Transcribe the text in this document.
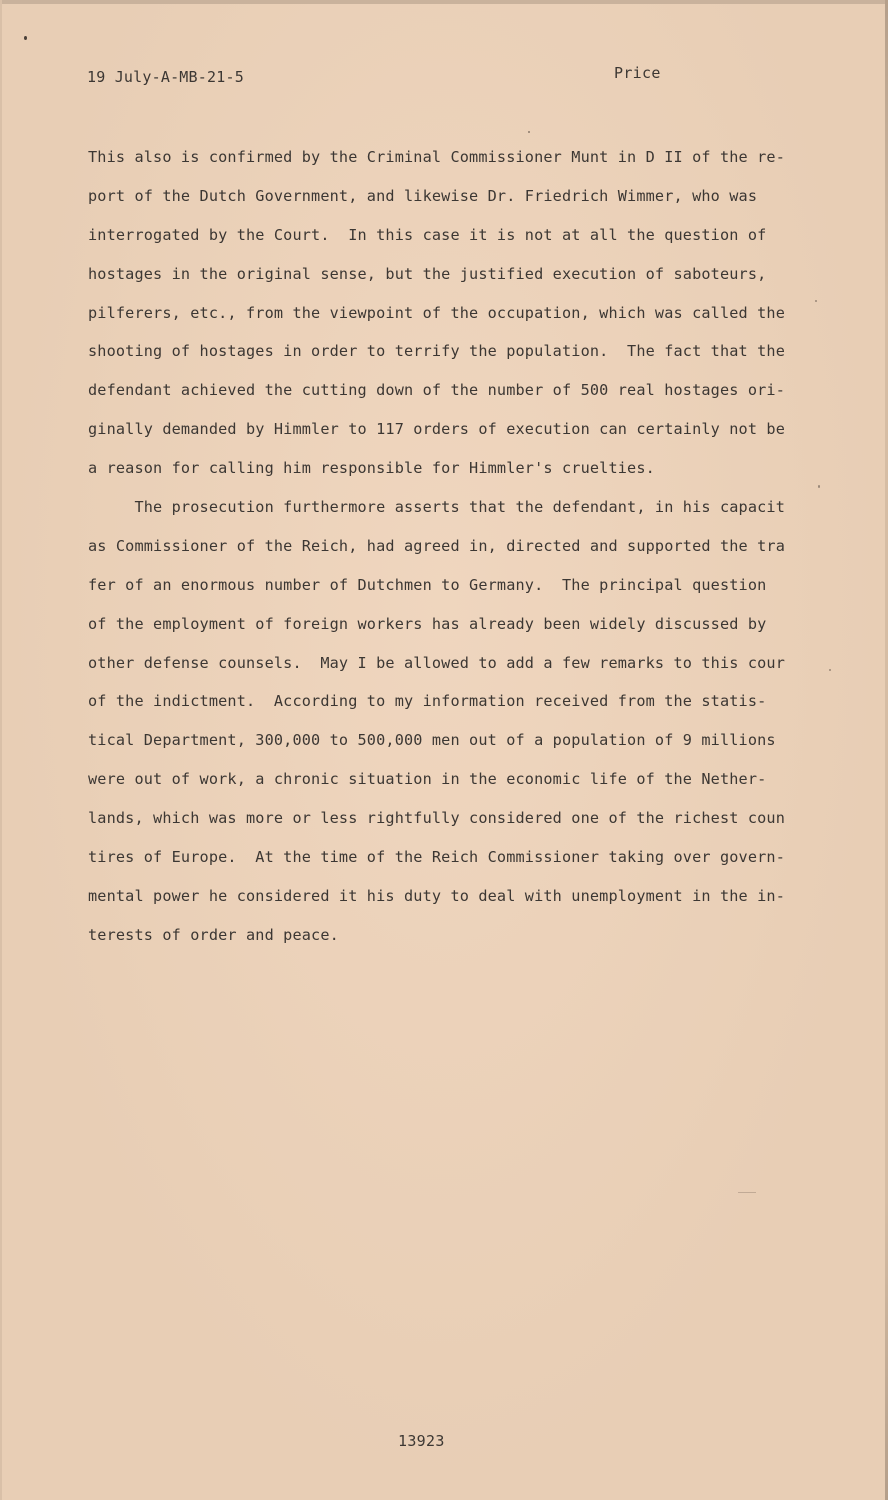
19 July-A-MB-21-5	Price
This also is confirmed by the Criminal Commissioner Munt in D II of the re-
port of the Dutch Government, and likewise Dr. Friedrich Wimmer, who was
interrogated by the Court.  In this case it is not at all the question of
hostages in the original sense, but the justified execution of saboteurs,
pilferers, etc., from the viewpoint of the occupation, which was called the
shooting of hostages in order to terrify the population.  The fact that the
defendant achieved the cutting down of the number of 500 real hostages ori-
ginally demanded by Himmler to 117 orders of execution can certainly not be
a reason for calling him responsible for Himmler's cruelties.
The prosecution furthermore asserts that the defendant, in his capacit
as Commissioner of the Reich, had agreed in, directed and supported the tra
fer of an enormous number of Dutchmen to Germany.  The principal question
of the employment of foreign workers has already been widely discussed by
other defense counsels.  May I be allowed to add a few remarks to this cour
of the indictment.  According to my information received from the statis-
tical Department, 300,000 to 500,000 men out of a population of 9 millions
were out of work, a chronic situation in the economic life of the Nether-
lands, which was more or less rightfully considered one of the richest coun
tires of Europe.  At the time of the Reich Commissioner taking over govern-
mental power he considered it his duty to deal with unemployment in the in-
terests of order and peace.
13923
